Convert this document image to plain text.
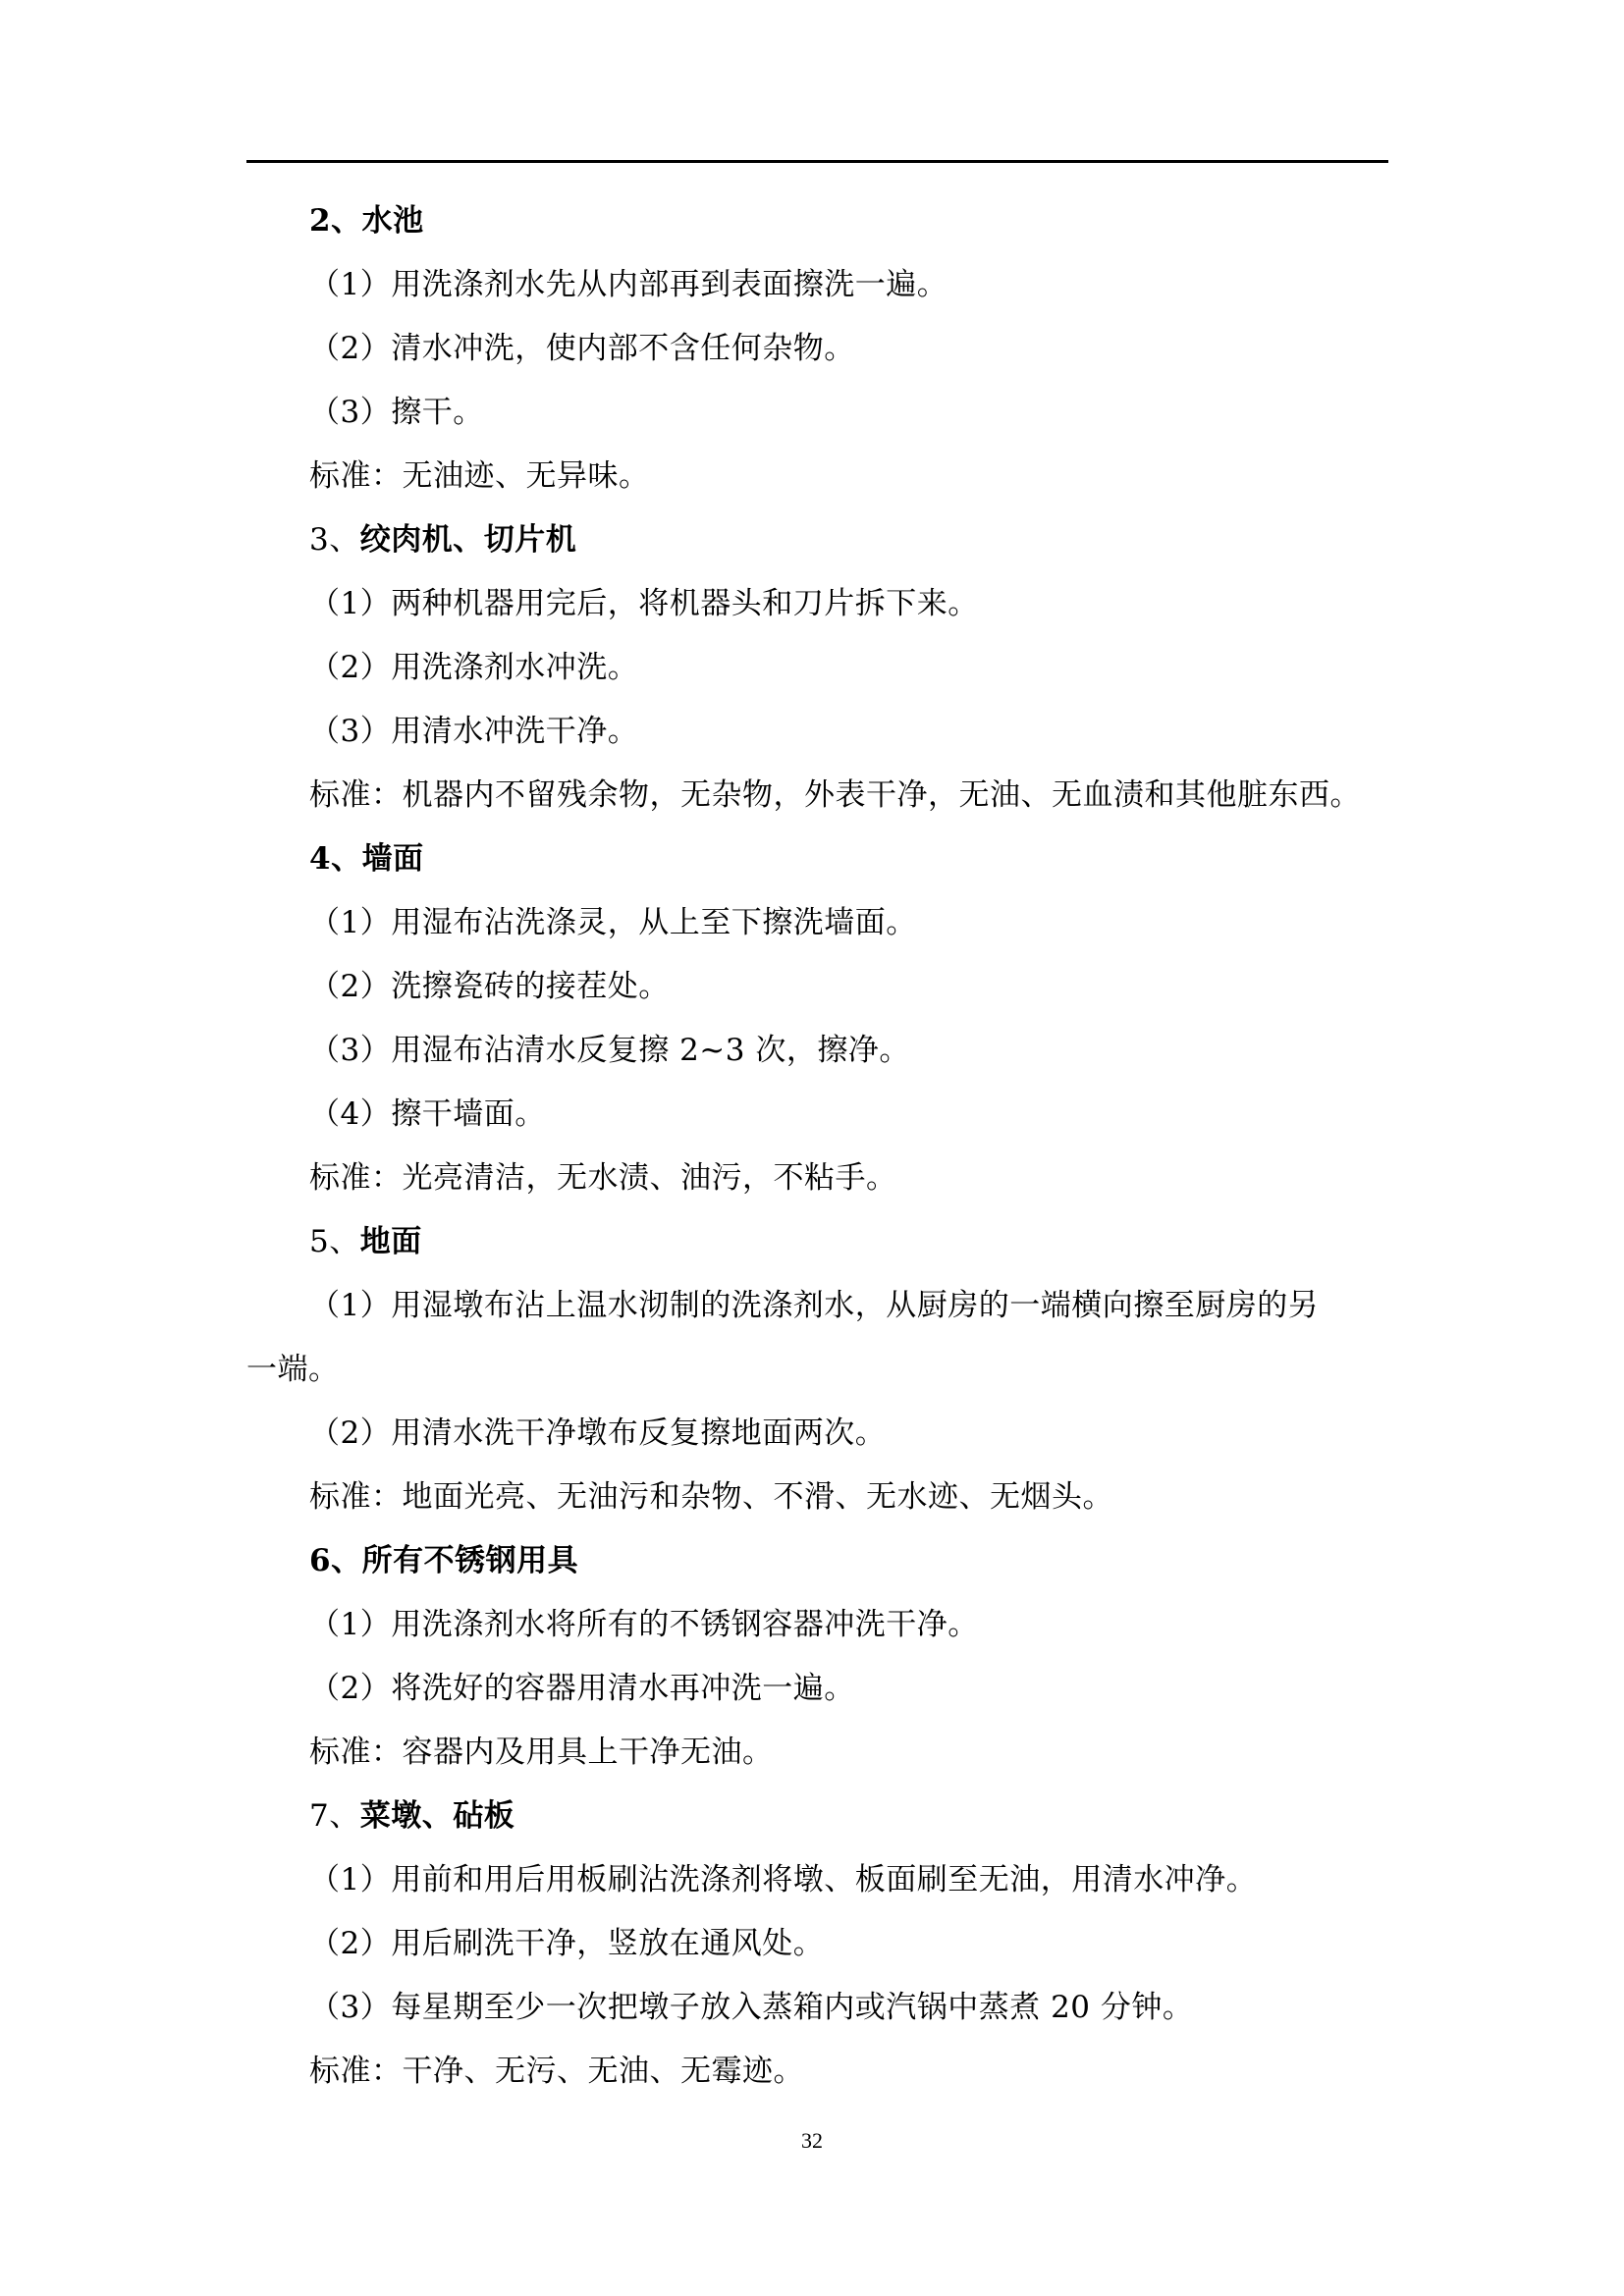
2、水池
（1）用洗涤剂水先从内部再到表面擦洗一遍。
（2）清水冲洗，使内部不含任何杂物。
（3）擦干。
标准：无油迹、无异味。
3、绞肉机、切片机
（1）两种机器用完后，将机器头和刀片拆下来。
（2）用洗涤剂水冲洗。
（3）用清水冲洗干净。
标准：机器内不留残余物，无杂物，外表干净，无油、无血渍和其他脏东西。
4、墙面
（1）用湿布沾洗涤灵，从上至下擦洗墙面。
（2）洗擦瓷砖的接茬处。
（3）用湿布沾清水反复擦 2~3 次，擦净。
（4）擦干墙面。
标准：光亮清洁，无水渍、油污，不粘手。
5、地面
（1）用湿墩布沾上温水沏制的洗涤剂水，从厨房的一端横向擦至厨房的另
一端。
（2）用清水洗干净墩布反复擦地面两次。
标准：地面光亮、无油污和杂物、不滑、无水迹、无烟头。
6、所有不锈钢用具
（1）用洗涤剂水将所有的不锈钢容器冲洗干净。
（2）将洗好的容器用清水再冲洗一遍。
标准：容器内及用具上干净无油。
7、菜墩、砧板
（1）用前和用后用板刷沾洗涤剂将墩、板面刷至无油，用清水冲净。
（2）用后刷洗干净，竖放在通风处。
（3）每星期至少一次把墩子放入蒸箱内或汽锅中蒸煮 20 分钟。
标准：干净、无污、无油、无霉迹。
32
